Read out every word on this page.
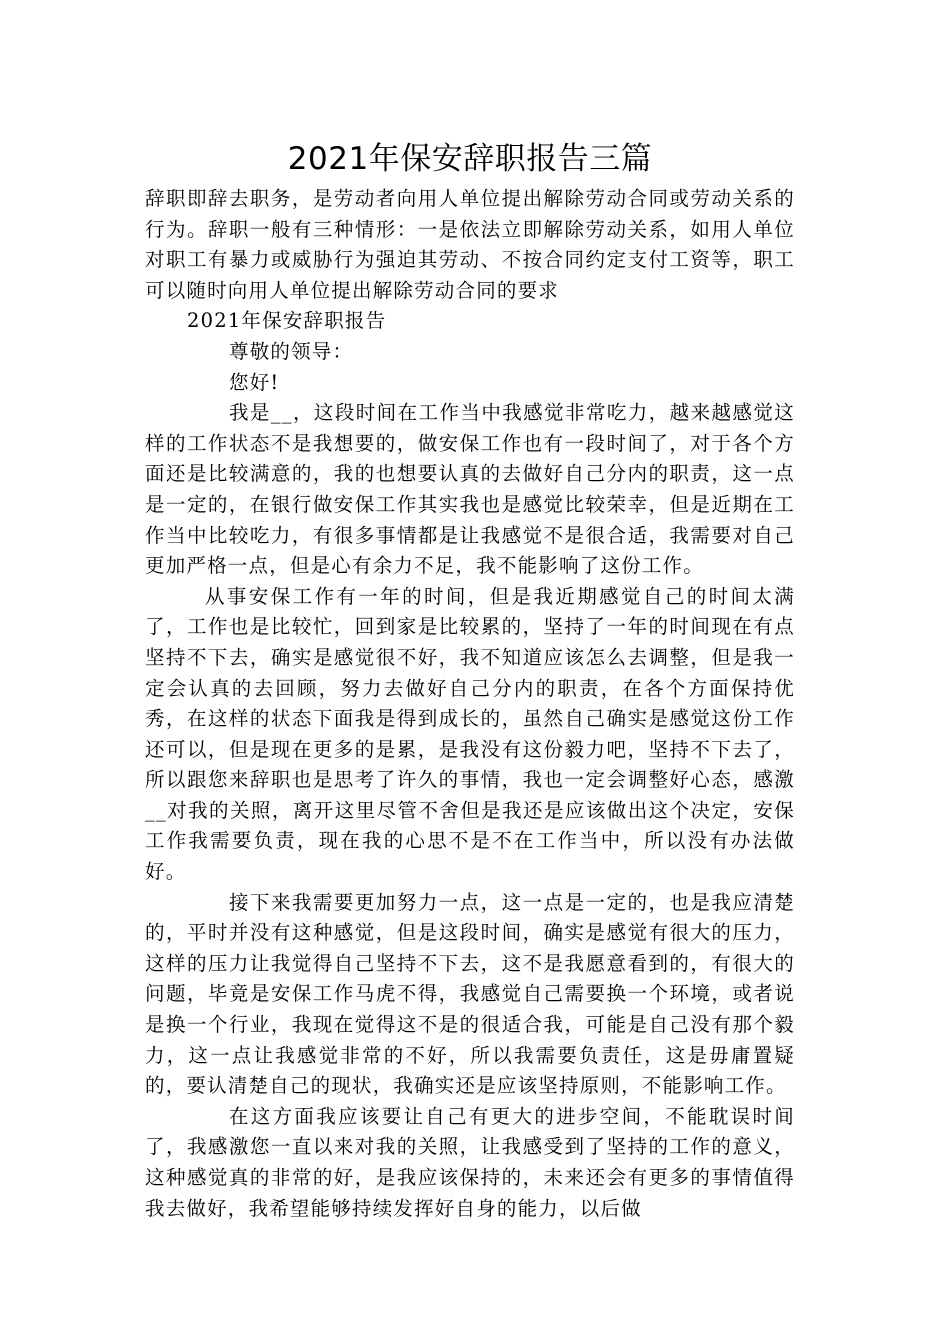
2021年保安辞职报告三篇

辞职即辞去职务，是劳动者向用人单位提出解除劳动合同或劳动关系的行为。辞职一般有三种情形：一是依法立即解除劳动关系，如用人单位对职工有暴力或威胁行为强迫其劳动、不按合同约定支付工资等，职工可以随时向用人单位提出解除劳动合同的要求

2021年保安辞职报告

尊敬的领导：

您好!

我是__，这段时间在工作当中我感觉非常吃力，越来越感觉这样的工作状态不是我想要的，做安保工作也有一段时间了，对于各个方面还是比较满意的，我的也想要认真的去做好自己分内的职责，这一点是一定的，在银行做安保工作其实我也是感觉比较荣幸，但是近期在工作当中比较吃力，有很多事情都是让我感觉不是很合适，我需要对自己更加严格一点，但是心有余力不足，我不能影响了这份工作。

从事安保工作有一年的时间，但是我近期感觉自己的时间太满了，工作也是比较忙，回到家是比较累的，坚持了一年的时间现在有点坚持不下去，确实是感觉很不好，我不知道应该怎么去调整，但是我一定会认真的去回顾，努力去做好自己分内的职责，在各个方面保持优秀，在这样的状态下面我是得到成长的，虽然自己确实是感觉这份工作还可以，但是现在更多的是累，是我没有这份毅力吧，坚持不下去了，所以跟您来辞职也是思考了许久的事情，我也一定会调整好心态，感激__对我的关照，离开这里尽管不舍但是我还是应该做出这个决定，安保工作我需要负责，现在我的心思不是不在工作当中，所以没有办法做好。

接下来我需要更加努力一点，这一点是一定的，也是我应清楚的，平时并没有这种感觉，但是这段时间，确实是感觉有很大的压力，这样的压力让我觉得自己坚持不下去，这不是我愿意看到的，有很大的问题，毕竟是安保工作马虎不得，我感觉自己需要换一个环境，或者说是换一个行业，我现在觉得这不是的很适合我，可能是自己没有那个毅力，这一点让我感觉非常的不好，所以我需要负责任，这是毋庸置疑的，要认清楚自己的现状，我确实还是应该坚持原则，不能影响工作。

在这方面我应该要让自己有更大的进步空间，不能耽误时间了，我感激您一直以来对我的关照，让我感受到了坚持的工作的意义，这种感觉真的非常的好，是我应该保持的，未来还会有更多的事情值得我去做好，我希望能够持续发挥好自身的能力，以后做
